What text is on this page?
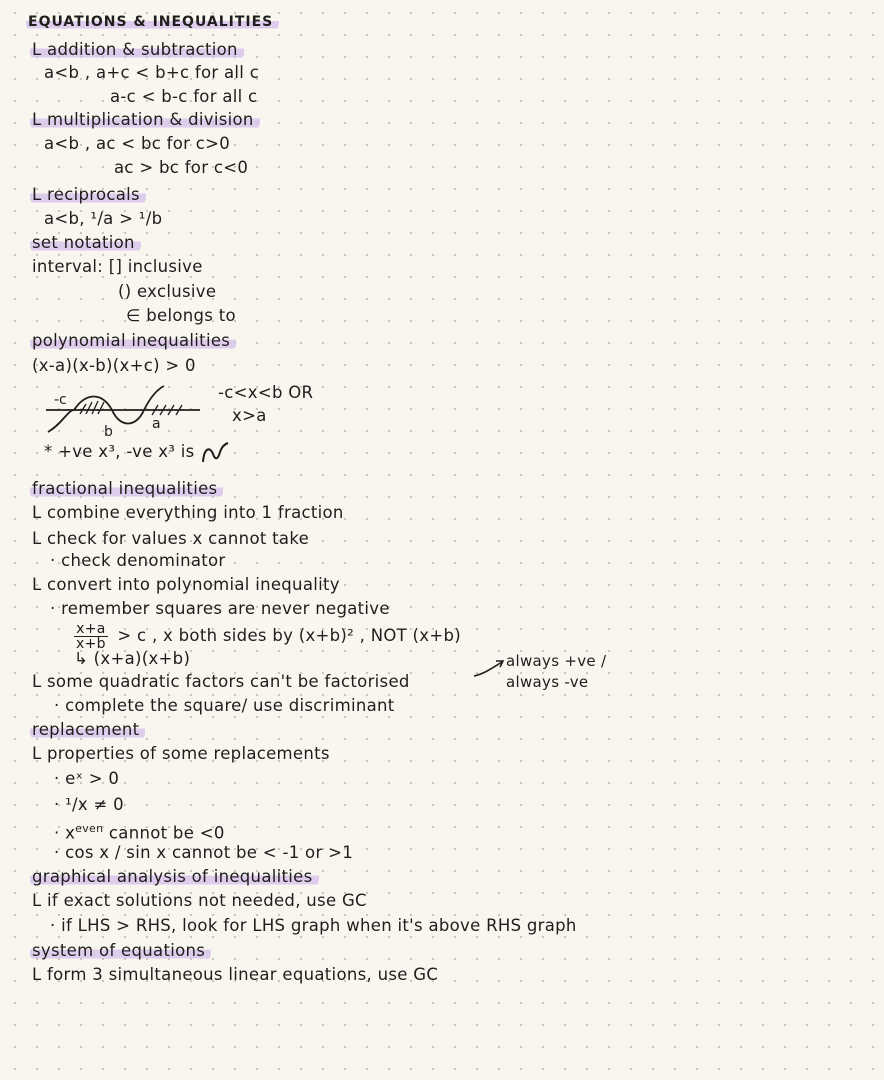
EQUATIONS & INEQUALITIES
L addition & subtraction
a<b , a+c < b+c for all c
a-c < b-c for all c
L multiplication & division
a<b , ac < bc for c>0
ac > bc for c<0
L reciprocals
a<b, ¹/a > ¹/b
set notation
interval: [] inclusive
() exclusive
∈ belongs to
polynomial inequalities
(x-a)(x-b)(x+c) > 0
-c
b	a
-c<x<b OR
x>a
* +ve x³, -ve x³ is
fractional inequalities
L combine everything into 1 fraction
L check for values x cannot take
· check denominator
L convert into polynomial inequality
· remember squares are never negative
$\frac{x+a}{x+b} > c$ , x both sides by (x+b)² , NOT (x+b)
↳ (x+a)(x+b)
L some quadratic factors can't be factorised
always +ve /
always -ve
· complete the square/ use discriminant
replacement
L properties of some replacements
· eˣ > 0
· ¹/x ≠ 0
· $x^{even}$ cannot be <0
· cos x / sin x cannot be < -1 or >1
graphical analysis of inequalities
L if exact solutions not needed, use GC
· if LHS > RHS, look for LHS graph when it's above RHS graph
system of equations
L form 3 simultaneous linear equations, use GC
